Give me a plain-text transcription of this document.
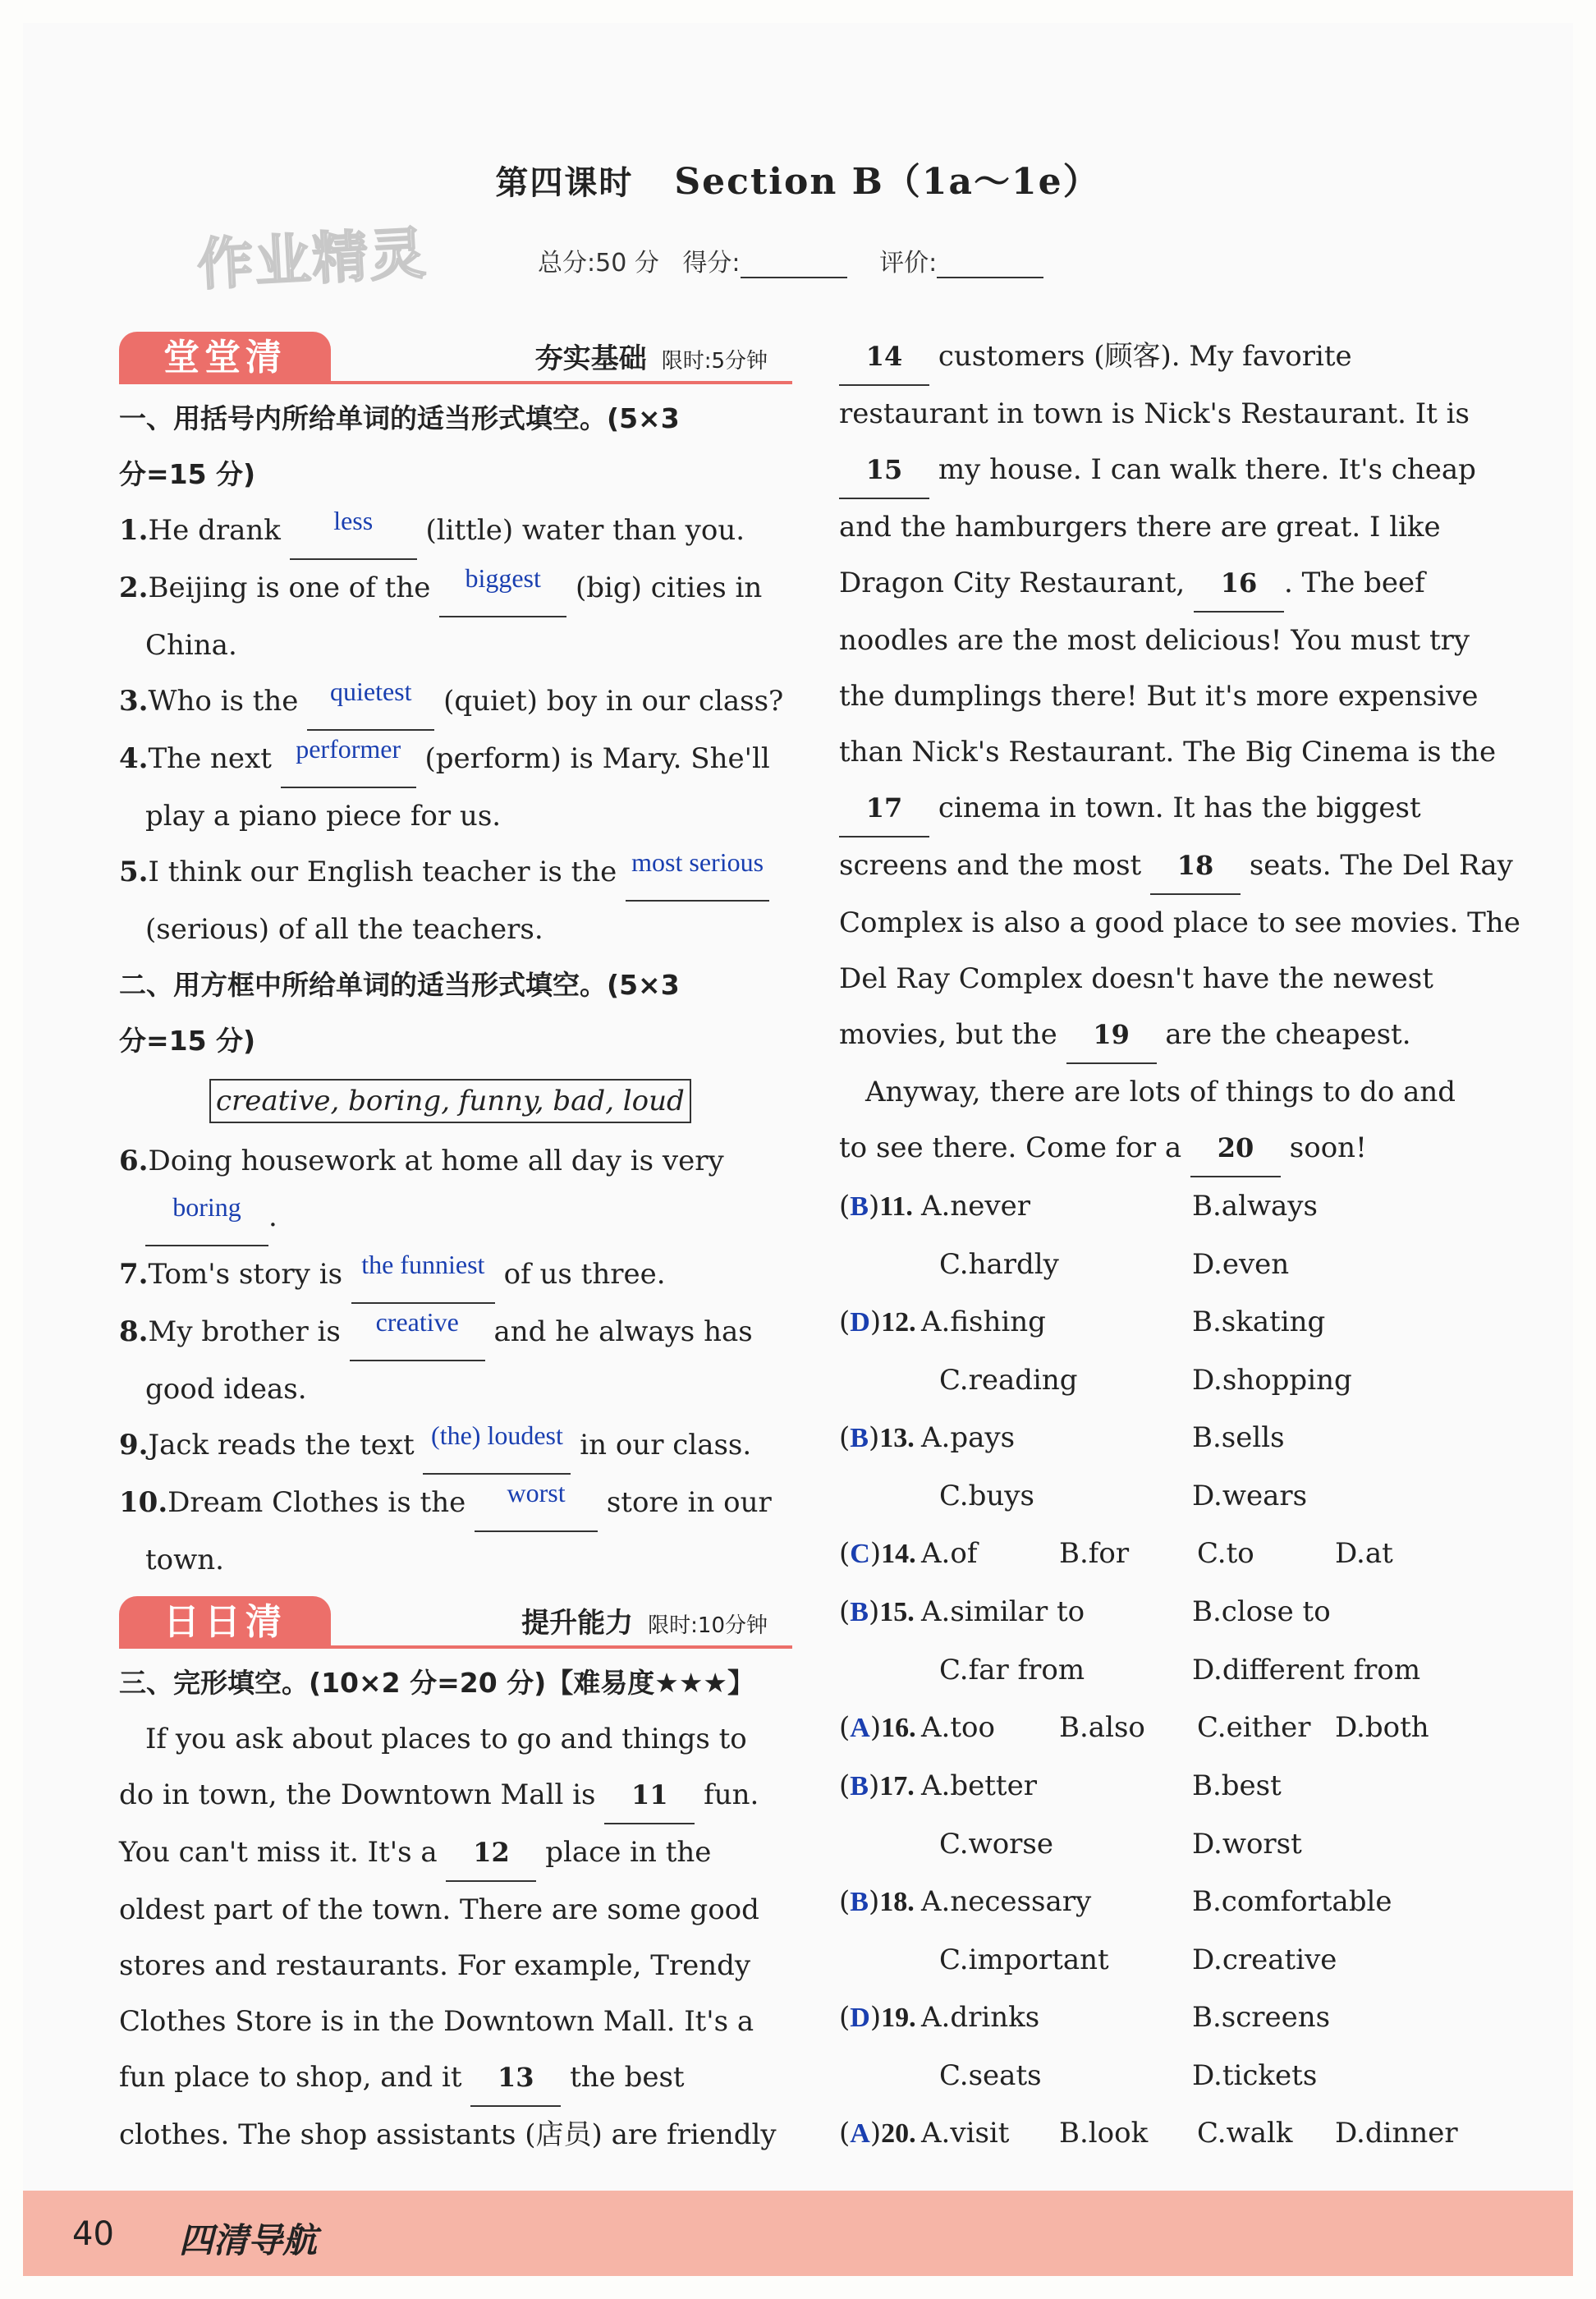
作业精灵
第四课时 Section B（1a～1e）
总分:50 分 得分:	评价:
堂堂清	夯实基础 限时:5分钟
一、用括号内所给单词的适当形式填空。(5×3
分=15 分)
1.He drank less (little) water than you.
2.Beijing is one of the biggest (big) cities in
China.
3.Who is the quietest (quiet) boy in our class?
4.The next performer (perform) is Mary. She'll
play a piano piece for us.
5.I think our English teacher is the most serious
(serious) of all the teachers.
二、用方框中所给单词的适当形式填空。(5×3
分=15 分)
creative, boring, funny, bad, loud
6.Doing housework at home all day is very
boring .
7.Tom's story is the funniest of us three.
8.My brother is creative and he always has
good ideas.
9.Jack reads the text (the) loudest in our class.
10.Dream Clothes is the worst store in our
town.
日日清	提升能力 限时:10分钟
三、完形填空。(10×2 分=20 分)【难易度★★★】
If you ask about places to go and things to
do in town, the Downtown Mall is 11 fun.
You can't miss it. It's a 12 place in the
oldest part of the town. There are some good
stores and restaurants. For example, Trendy
Clothes Store is in the Downtown Mall. It's a
fun place to shop, and it 13 the best
clothes. The shop assistants (店员) are friendly
14 customers (顾客). My favorite
restaurant in town is Nick's Restaurant. It is
15 my house. I can walk there. It's cheap
and the hamburgers there are great. I like
Dragon City Restaurant, 16 . The beef
noodles are the most delicious! You must try
the dumplings there! But it's more expensive
than Nick's Restaurant. The Big Cinema is the
17 cinema in town. It has the biggest
screens and the most 18 seats. The Del Ray
Complex is also a good place to see movies. The
Del Ray Complex doesn't have the newest
movies, but the 19 are the cheapest.
Anyway, there are lots of things to do and
to see there. Come for a 20 soon!
(B)11. A.never	B.always
C.hardly	D.even
(D)12. A.fishing	B.skating
C.reading	D.shopping
(B)13. A.pays	B.sells
C.buys	D.wears
(C)14. A.of	B.for	C.to	D.at
(B)15. A.similar to	B.close to
C.far from	D.different from
(A)16. A.too	B.also	C.either D.both
(B)17. A.better	B.best
C.worse	D.worst
(B)18. A.necessary	B.comfortable
C.important	D.creative
(D)19. A.drinks	B.screens
C.seats	D.tickets
(A)20. A.visit	B.look	C.walk	D.dinner
40 四清导航
